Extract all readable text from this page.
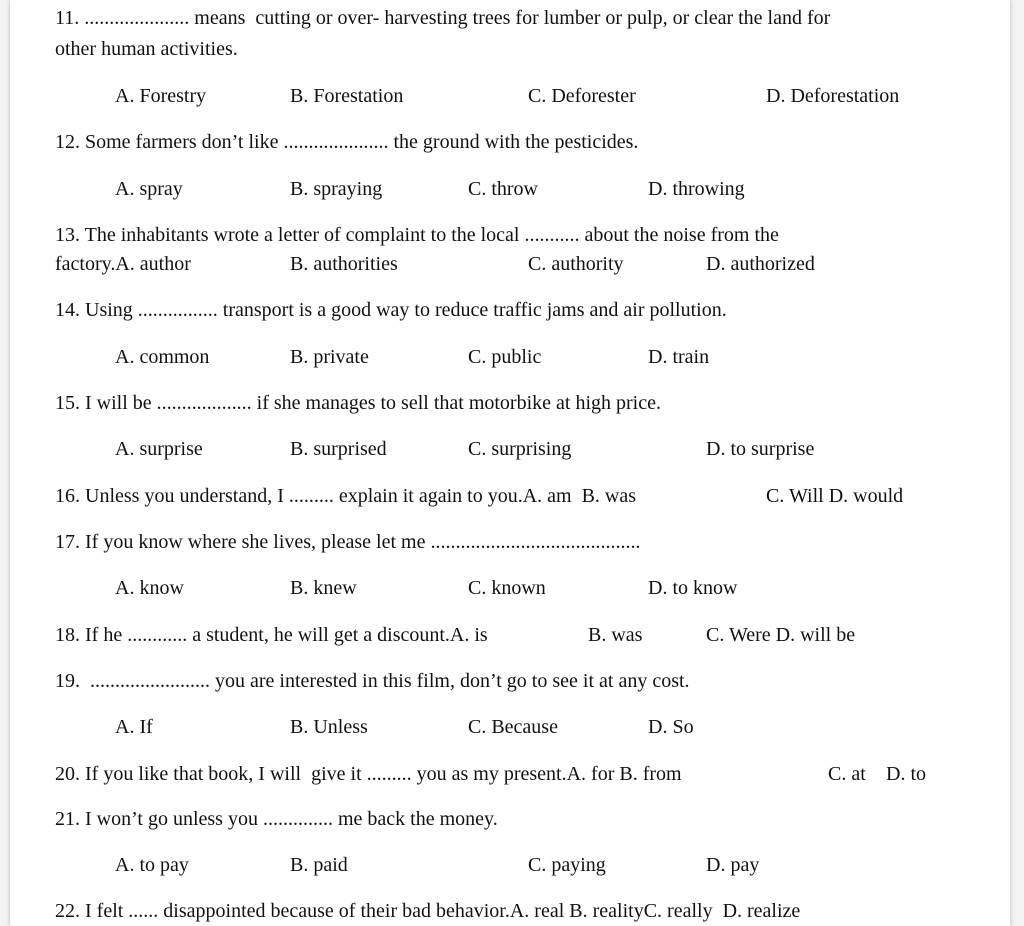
11. ..................... means  cutting or over- harvesting trees for lumber or pulp, or clear the land for
other human activities.
A. Forestry	B. Forestation	C. Deforester	D. Deforestation
12. Some farmers don’t like ..................... the ground with the pesticides.
A. spray	B. spraying	C. throw	D. throwing
13. The inhabitants wrote a letter of complaint to the local ........... about the noise from the
factory.A. author	B. authorities	C. authority	D. authorized
14. Using ................ transport is a good way to reduce traffic jams and air pollution.
A. common	B. private	C. public	D. train
15. I will be ................... if she manages to sell that motorbike at high price.
A. surprise	B. surprised	C. surprising	D. to surprise
16. Unless you understand, I ......... explain it again to you.A. am  B. was	C. Will D. would
17. If you know where she lives, please let me ..........................................
A. know	B. knew	C. known	D. to know
18. If he ............ a student, he will get a discount.A. is	B. was	C. Were D. will be
19.  ........................ you are interested in this film, don’t go to see it at any cost.
A. If	B. Unless	C. Because	D. So
20. If you like that book, I will  give it ......... you as my present.A. for B. from	C. at D. to
21. I won’t go unless you .............. me back the money.
A. to pay	B. paid	C. paying	D. pay
22. I felt ...... disappointed because of their bad behavior.A. real B. realityC. really  D. realize
